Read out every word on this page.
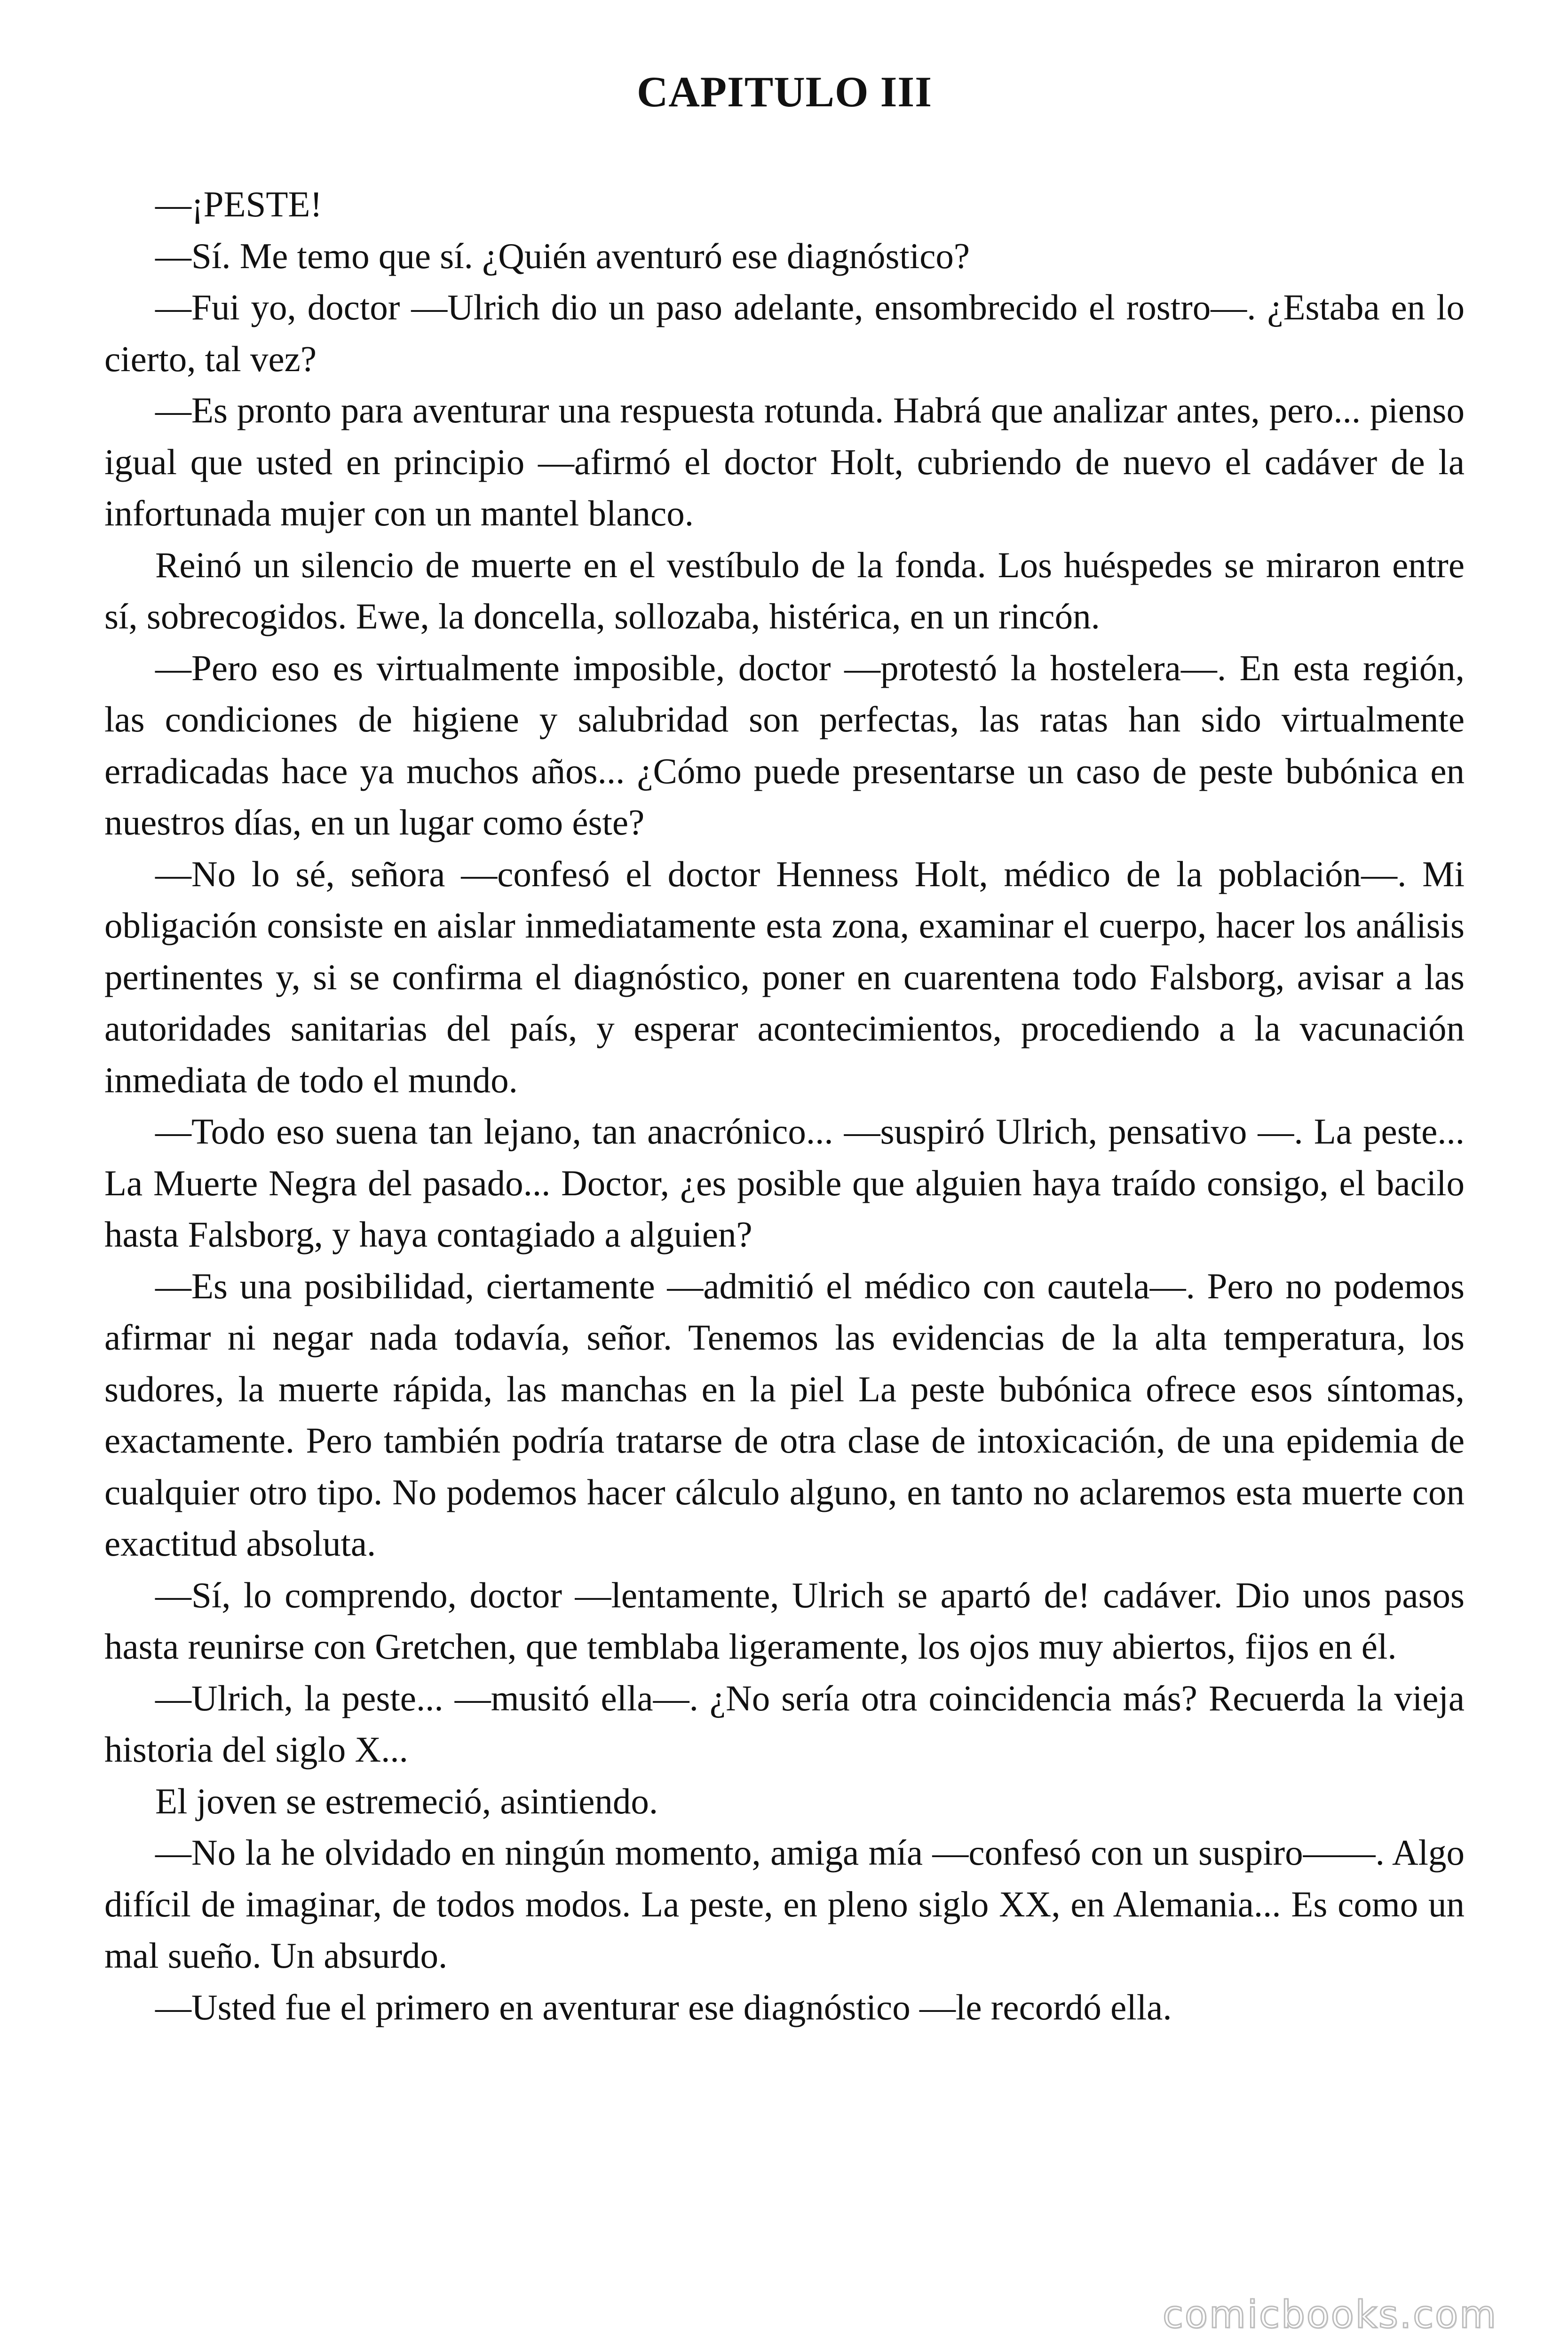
CAPITULO III

—¡PESTE!

—Sí. Me temo que sí. ¿Quién aventuró ese diagnóstico?

—Fui yo, doctor —Ulrich dio un paso adelante, ensombrecido el rostro—. ¿Estaba en lo cierto, tal vez?

—Es pronto para aventurar una respuesta rotunda. Habrá que analizar antes, pero... pienso igual que usted en principio —afirmó el doctor Holt, cubriendo de nuevo el cadáver de la infortunada mujer con un mantel blanco.

Reinó un silencio de muerte en el vestíbulo de la fonda. Los huéspedes se miraron entre sí, sobrecogidos. Ewe, la doncella, sollozaba, histérica, en un rincón.

—Pero eso es virtualmente imposible, doctor —protestó la hostelera—. En esta región, las condiciones de higiene y salubridad son perfectas, las ratas han sido virtualmente erradicadas hace ya muchos años... ¿Cómo puede presentarse un caso de peste bubónica en nuestros días, en un lugar como éste?

—No lo sé, señora —confesó el doctor Henness Holt, médico de la población—. Mi obligación consiste en aislar inmediatamente esta zona, examinar el cuerpo, hacer los análisis pertinentes y, si se confirma el diagnóstico, poner en cuarentena todo Falsborg, avisar a las autoridades sanitarias del país, y esperar acontecimientos, procediendo a la vacunación inmediata de todo el mundo.

—Todo eso suena tan lejano, tan anacrónico... —suspiró Ulrich, pensativo —. La peste... La Muerte Negra del pasado... Doctor, ¿es posible que alguien haya traído consigo, el bacilo hasta Falsborg, y haya contagiado a alguien?

—Es una posibilidad, ciertamente —admitió el médico con cautela—. Pero no podemos afirmar ni negar nada todavía, señor. Tenemos las evidencias de la alta temperatura, los sudores, la muerte rápida, las manchas en la piel La peste bubónica ofrece esos síntomas, exactamente. Pero también podría tratarse de otra clase de intoxicación, de una epidemia de cualquier otro tipo. No podemos hacer cálculo alguno, en tanto no aclaremos esta muerte con exactitud absoluta.

—Sí, lo comprendo, doctor —lentamente, Ulrich se apartó de! cadáver. Dio unos pasos hasta reunirse con Gretchen, que temblaba ligeramente, los ojos muy abiertos, fijos en él.

—Ulrich, la peste... —musitó ella—. ¿No sería otra coincidencia más? Recuerda la vieja historia del siglo X...

El joven se estremeció, asintiendo.

—No la he olvidado en ningún momento, amiga mía —confesó con un suspiro——. Algo difícil de imaginar, de todos modos. La peste, en pleno siglo XX, en Alemania... Es como un mal sueño. Un absurdo.

—Usted fue el primero en aventurar ese diagnóstico —le recordó ella.

comicbooks.com
